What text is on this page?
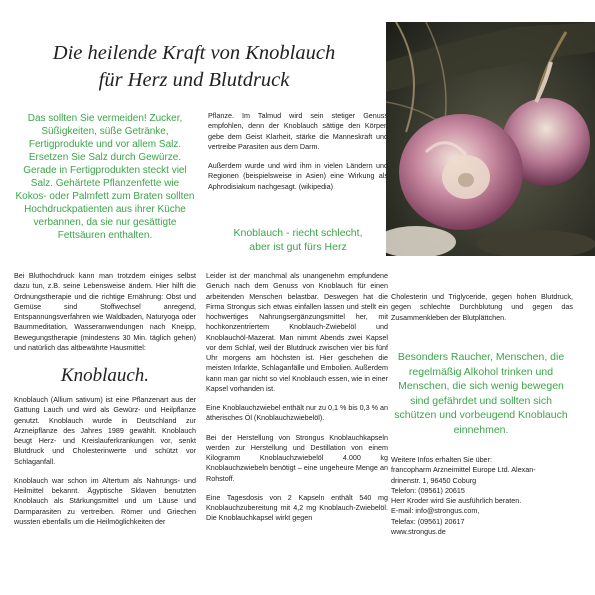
Die heilende Kraft von Knoblauch
für Herz und Blutdruck

Das sollten Sie vermeiden! Zucker, Süßigkeiten, süße Getränke, Fertigprodukte und vor allem Salz. Ersetzen Sie Salz durch Gewürze. Gerade in Fertigprodukten steckt viel Salz. Gehärtete Pflanzenfette wie Kokos- oder Palmfett zum Braten sollten Hochdruckpatienten aus ihrer Küche verbannen, da sie nur gesättigte Fettsäuren enthalten.

Pflanze. Im Talmud wird sein stetiger Genuss empfohlen, denn der Knoblauch sättige den Körper, gebe dem Geist Klarheit, stärke die Manneskraft und vertreibe Parasiten aus dem Darm.

Außerdem wurde und wird ihm in vielen Ländern und Regionen (beispielsweise in Asien) eine Wirkung als Aphrodisiakum nachgesagt. (wikipedia)

Knoblauch - riecht schlecht,
aber ist gut fürs Herz

Bei Bluthochdruck kann man trotzdem einiges selbst dazu tun, z.B. seine Lebensweise ändern. Hier hilft die Ordnungstherapie und die richtige Ernährung: Obst und Gemüse sind Stoffwechsel anregend, Entspannungsverfahren wie Waldbaden, Naturyoga oder Baummeditation, Wasseranwendungen nach Kneipp, Bewegungstherapie (mindestens 30 Min. täglich gehen) und natürlich das altbewährte Hausmittel:

Knoblauch.

Knoblauch (Allium sativum) ist eine Pflanzenart aus der Gattung Lauch und wird als Gewürz- und Heilpflanze genutzt. Knoblauch wurde in Deutschland zur Arzneipflanze des Jahres 1989 gewählt. Knoblauch beugt Herz- und Kreislauferkrankungen vor, senkt Blutdruck und Cholesterinwerte und schützt vor Schlaganfall.

Knoblauch war schon im Altertum als Nahrungs- und Heilmittel bekannt. Ägyptische Sklaven benutzten Knoblauch als Stärkungsmittel und um Läuse und Darmparasiten zu vertreiben. Römer und Griechen wussten ebenfalls um die Heilmöglichkeiten der

Leider ist der manchmal als unangenehm empfundene Geruch nach dem Genuss von Knoblauch für einen arbeitenden Menschen belastbar. Deswegen hat die Firma Strongus sich etwas einfallen lassen und stellt ein hochwertiges Nahrungsergänzungsmittel her, mit hochkonzentriertem Knoblauch-Zwiebelöl und Knoblauchöl-Mazerat. Man nimmt Abends zwei Kapsel vor dem Schlaf, weil der Blutdruck zwischen vier bis fünf Uhr morgens am höchsten ist. Hier geschehen die meisten Infarkte, Schlaganfälle und Embolien. Außerdem kann man gar nicht so viel Knoblauch essen, wie in einer Kapsel vorhanden ist.

Eine Knoblauchzwiebel enthält nur zu 0,1 % bis 0,3 % an ätherisches Öl (Knoblauchzwiebelöl).

Bei der Herstellung von Strongus Knoblauchkapseln werden zur Herstellung und Destillation von einem Kilogramm Knoblauchzwiebelöl 4.000 kg Knoblauchzwiebeln benötigt – eine ungeheure Menge an Rohstoff.

Eine Tagesdosis von 2 Kapseln enthält 540 mg Knoblauchzubereitung mit 4,2 mg Knoblauch-Zwiebelöl. Die Knoblauchkapsel wirkt gegen

Cholesterin und Triglyceride, gegen hohen Blutdruck, gegen schlechte Durchblutung und gegen das Zusammenkleben der Blutplättchen.

Besonders Raucher, Menschen, die regelmäßig Alkohol trinken und Menschen, die sich wenig bewegen sind gefährdet und sollten sich schützen und vorbeugend Knoblauch einnehmen.

Weitere Infos erhalten Sie über:
francopharm Arzneimittel Europe Ltd. Alexan-
drinenstr. 1, 96450 Coburg
Telefon: (09561) 20615
Herr Kroder wird Sie ausführlich beraten.
E-mail: info@strongus.com,
Telefax: (09561) 20617
www.strongus.de
